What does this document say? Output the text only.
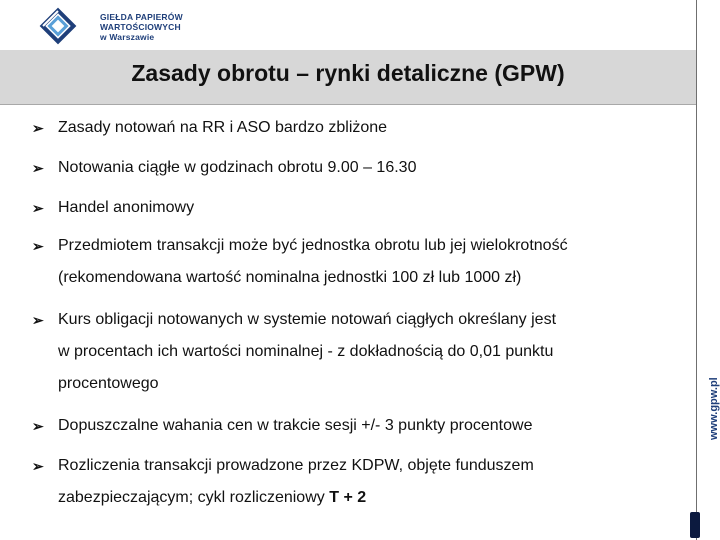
GIEŁDA PAPIERÓW
WARTOŚCIOWYCH
w Warszawie
Zasady obrotu – rynki detaliczne (GPW)
➢ Zasady notowań na RR i ASO bardzo zbliżone
➢ Notowania ciągłe w godzinach obrotu 9.00 – 16.30
➢ Handel anonimowy
➢ Przedmiotem transakcji może być jednostka obrotu lub jej wielokrotność
(rekomendowana wartość nominalna jednostki 100 zł lub 1000 zł)
➢ Kurs obligacji notowanych w systemie notowań ciągłych określany jest
w procentach ich wartości nominalnej - z dokładnością do 0,01 punktu
procentowego
➢ Dopuszczalne wahania cen w trakcie sesji +/- 3 punkty procentowe
➢ Rozliczenia transakcji prowadzone przez KDPW, objęte funduszem
zabezpieczającym; cykl rozliczeniowy T + 2
www.gpw.pl
